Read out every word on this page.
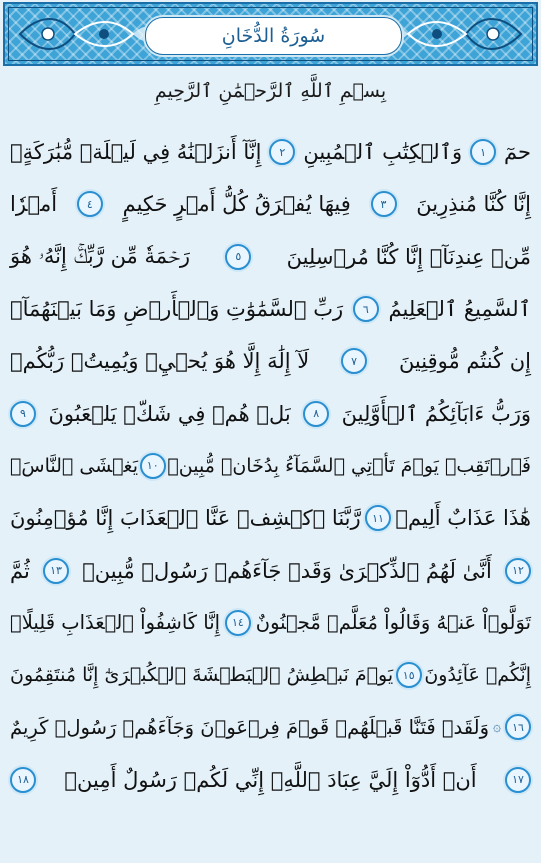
سُورَةُ الدُّخَانِ
بِسۡمِ ٱللَّهِ ٱلرَّحۡمَٰنِ ٱلرَّحِيمِ
حمٓ
١
وَٱلۡكِتَٰبِ ٱلۡمُبِينِ
٢
إِنَّآ أَنزَلۡنَٰهُ فِي لَيۡلَةٖ مُّبَٰرَكَةٍۚ
إِنَّا كُنَّا مُنذِرِينَ
٣
فِيهَا يُفۡرَقُ كُلُّ أَمۡرٍ حَكِيمٍ
٤
أَمۡرٗا
مِّنۡ عِندِنَآۚ إِنَّا كُنَّا مُرۡسِلِينَ
٥
رَحۡمَةٗ مِّن رَّبِّكَۚ إِنَّهُۥ هُوَ
ٱلسَّمِيعُ ٱلۡعَلِيمُ
٦
رَبِّ ٱلسَّمَٰوَٰتِ وَٱلۡأَرۡضِ وَمَا بَيۡنَهُمَآۖ
إِن كُنتُم مُّوقِنِينَ
٧
لَآ إِلَٰهَ إِلَّا هُوَ يُحۡيِۦ وَيُمِيتُۖ رَبُّكُمۡ
وَرَبُّ ءَابَآئِكُمُ ٱلۡأَوَّلِينَ
٨
بَلۡ هُمۡ فِي شَكّٖ يَلۡعَبُونَ
٩
فَٱرۡتَقِبۡ يَوۡمَ تَأۡتِي ٱلسَّمَآءُ بِدُخَانٖ مُّبِينٖ
١٠
يَغۡشَى ٱلنَّاسَۖ
هَٰذَا عَذَابٌ أَلِيمٞ
١١
رَّبَّنَا ٱكۡشِفۡ عَنَّا ٱلۡعَذَابَ إِنَّا مُؤۡمِنُونَ
١٢
أَنَّىٰ لَهُمُ ٱلذِّكۡرَىٰ وَقَدۡ جَآءَهُمۡ رَسُولٞ مُّبِينٞ
١٣
ثُمَّ
تَوَلَّوۡاْ عَنۡهُ وَقَالُواْ مُعَلَّمٞ مَّجۡنُونٌ
١٤
إِنَّا كَاشِفُواْ ٱلۡعَذَابِ قَلِيلًاۚ
إِنَّكُمۡ عَآئِدُونَ
١٥
يَوۡمَ نَبۡطِشُ ٱلۡبَطۡشَةَ ٱلۡكُبۡرَىٰٓ إِنَّا مُنتَقِمُونَ
١٦
۞
وَلَقَدۡ فَتَنَّا قَبۡلَهُمۡ قَوۡمَ فِرۡعَوۡنَ وَجَآءَهُمۡ رَسُولٞ كَرِيمٌ
١٧
أَنۡ أَدُّوٓاْ إِلَيَّ عِبَادَ ٱللَّهِۖ إِنِّي لَكُمۡ رَسُولٌ أَمِينٞ
١٨
